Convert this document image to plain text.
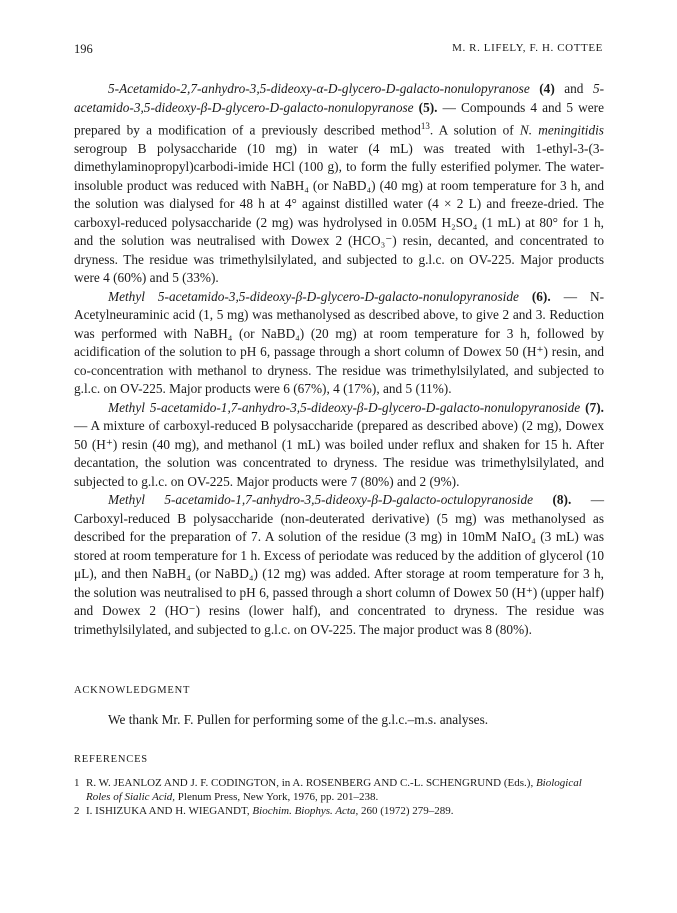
196	M. R. LIFELY, F. H. COTTEE

5-Acetamido-2,7-anhydro-3,5-dideoxy-α-D-glycero-D-galacto-nonulopyranose (4) and 5-acetamido-3,5-dideoxy-β-D-glycero-D-galacto-nonulopyranose (5). — Compounds 4 and 5 were prepared by a modification of a previously described method$^{13}$. A solution of N. meningitidis serogroup B polysaccharide (10 mg) in water (4 mL) was treated with 1-ethyl-3-(3-dimethylaminopropyl)carbodi-imide HCl (100 g), to form the fully esterified polymer. The water-insoluble product was reduced with NaBH₄ (or NaBD₄) (40 mg) at room temperature for 3 h, and the solution was dialysed for 48 h at 4° against distilled water (4 × 2 L) and freeze-dried. The carboxyl-reduced polysaccharide (2 mg) was hydrolysed in 0.05M H₂SO₄ (1 mL) at 80° for 1 h, and the solution was neutralised with Dowex 2 (HCO₃⁻) resin, decanted, and concentrated to dryness. The residue was trimethylsilylated, and subjected to g.l.c. on OV-225. Major products were 4 (60%) and 5 (33%).

Methyl 5-acetamido-3,5-dideoxy-β-D-glycero-D-galacto-nonulopyranoside (6). — N-Acetylneuraminic acid (1, 5 mg) was methanolysed as described above, to give 2 and 3. Reduction was performed with NaBH₄ (or NaBD₄) (20 mg) at room temperature for 3 h, followed by acidification of the solution to pH 6, passage through a short column of Dowex 50 (H⁺) resin, and co-concentration with methanol to dryness. The residue was trimethylsilylated, and subjected to g.l.c. on OV-225. Major products were 6 (67%), 4 (17%), and 5 (11%).

Methyl 5-acetamido-1,7-anhydro-3,5-dideoxy-β-D-glycero-D-galacto-nonulopyranoside (7). — A mixture of carboxyl-reduced B polysaccharide (prepared as described above) (2 mg), Dowex 50 (H⁺) resin (40 mg), and methanol (1 mL) was boiled under reflux and shaken for 15 h. After decantation, the solution was concentrated to dryness. The residue was trimethylsilylated, and subjected to g.l.c. on OV-225. Major products were 7 (80%) and 2 (9%).

Methyl 5-acetamido-1,7-anhydro-3,5-dideoxy-β-D-galacto-octulopyranoside (8). — Carboxyl-reduced B polysaccharide (non-deuterated derivative) (5 mg) was methanolysed as described for the preparation of 7. A solution of the residue (3 mg) in 10mM NaIO₄ (3 mL) was stored at room temperature for 1 h. Excess of periodate was reduced by the addition of glycerol (10 μL), and then NaBH₄ (or NaBD₄) (12 mg) was added. After storage at room temperature for 3 h, the solution was neutralised to pH 6, passed through a short column of Dowex 50 (H⁺) (upper half) and Dowex 2 (HO⁻) resins (lower half), and concentrated to dryness. The residue was trimethylsilylated, and subjected to g.l.c. on OV-225. The major product was 8 (80%).

ACKNOWLEDGMENT
We thank Mr. F. Pullen for performing some of the g.l.c.–m.s. analyses.
REFERENCES
1 R. W. JEANLOZ AND J. F. CODINGTON, in A. ROSENBERG AND C.-L. SCHENGRUND (Eds.), Biological Roles of Sialic Acid, Plenum Press, New York, 1976, pp. 201–238.
2 I. ISHIZUKA AND H. WIEGANDT, Biochim. Biophys. Acta, 260 (1972) 279–289.
